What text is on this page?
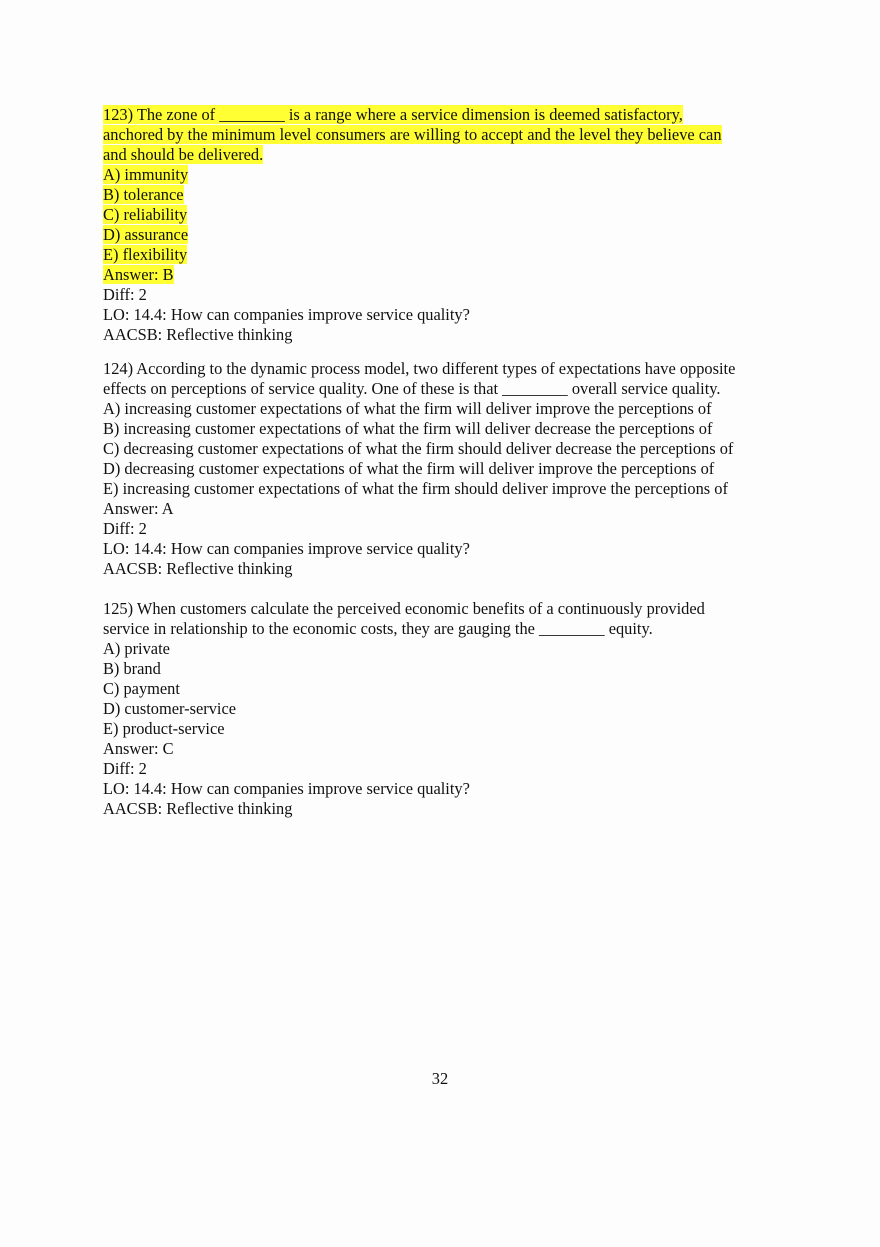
123) The zone of ________ is a range where a service dimension is deemed satisfactory,
anchored by the minimum level consumers are willing to accept and the level they believe can
and should be delivered.
A) immunity
B) tolerance
C) reliability
D) assurance
E) flexibility
Answer: B
Diff: 2
LO: 14.4: How can companies improve service quality?
AACSB: Reflective thinking
124) According to the dynamic process model, two different types of expectations have opposite
effects on perceptions of service quality. One of these is that ________ overall service quality.
A) increasing customer expectations of what the firm will deliver improve the perceptions of
B) increasing customer expectations of what the firm will deliver decrease the perceptions of
C) decreasing customer expectations of what the firm should deliver decrease the perceptions of
D) decreasing customer expectations of what the firm will deliver improve the perceptions of
E) increasing customer expectations of what the firm should deliver improve the perceptions of
Answer: A
Diff: 2
LO: 14.4: How can companies improve service quality?
AACSB: Reflective thinking
125) When customers calculate the perceived economic benefits of a continuously provided
service in relationship to the economic costs, they are gauging the ________ equity.
A) private
B) brand
C) payment
D) customer-service
E) product-service
Answer: C
Diff: 2
LO: 14.4: How can companies improve service quality?
AACSB: Reflective thinking
32
